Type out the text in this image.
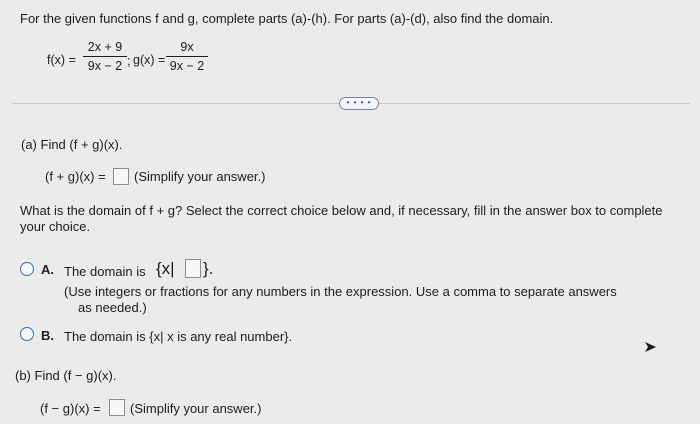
For the given functions f and g, complete parts (a)-(h). For parts (a)-(d), also find the domain.
f(x) =
2x + 9
9x − 2 ; g(x) =
9x
9x − 2
• • • •
(a) Find (f + g)(x).
(f + g)(x) = (Simplify your answer.)
What is the domain of f + g? Select the correct choice below and, if necessary, fill in the answer box to complete
your choice.
A. The domain is {x| }.
(Use integers or fractions for any numbers in the expression. Use a comma to separate answers
as needed.)
B. The domain is {x| x is any real number}.
(b) Find (f − g)(x).
(f − g)(x) = (Simplify your answer.)
